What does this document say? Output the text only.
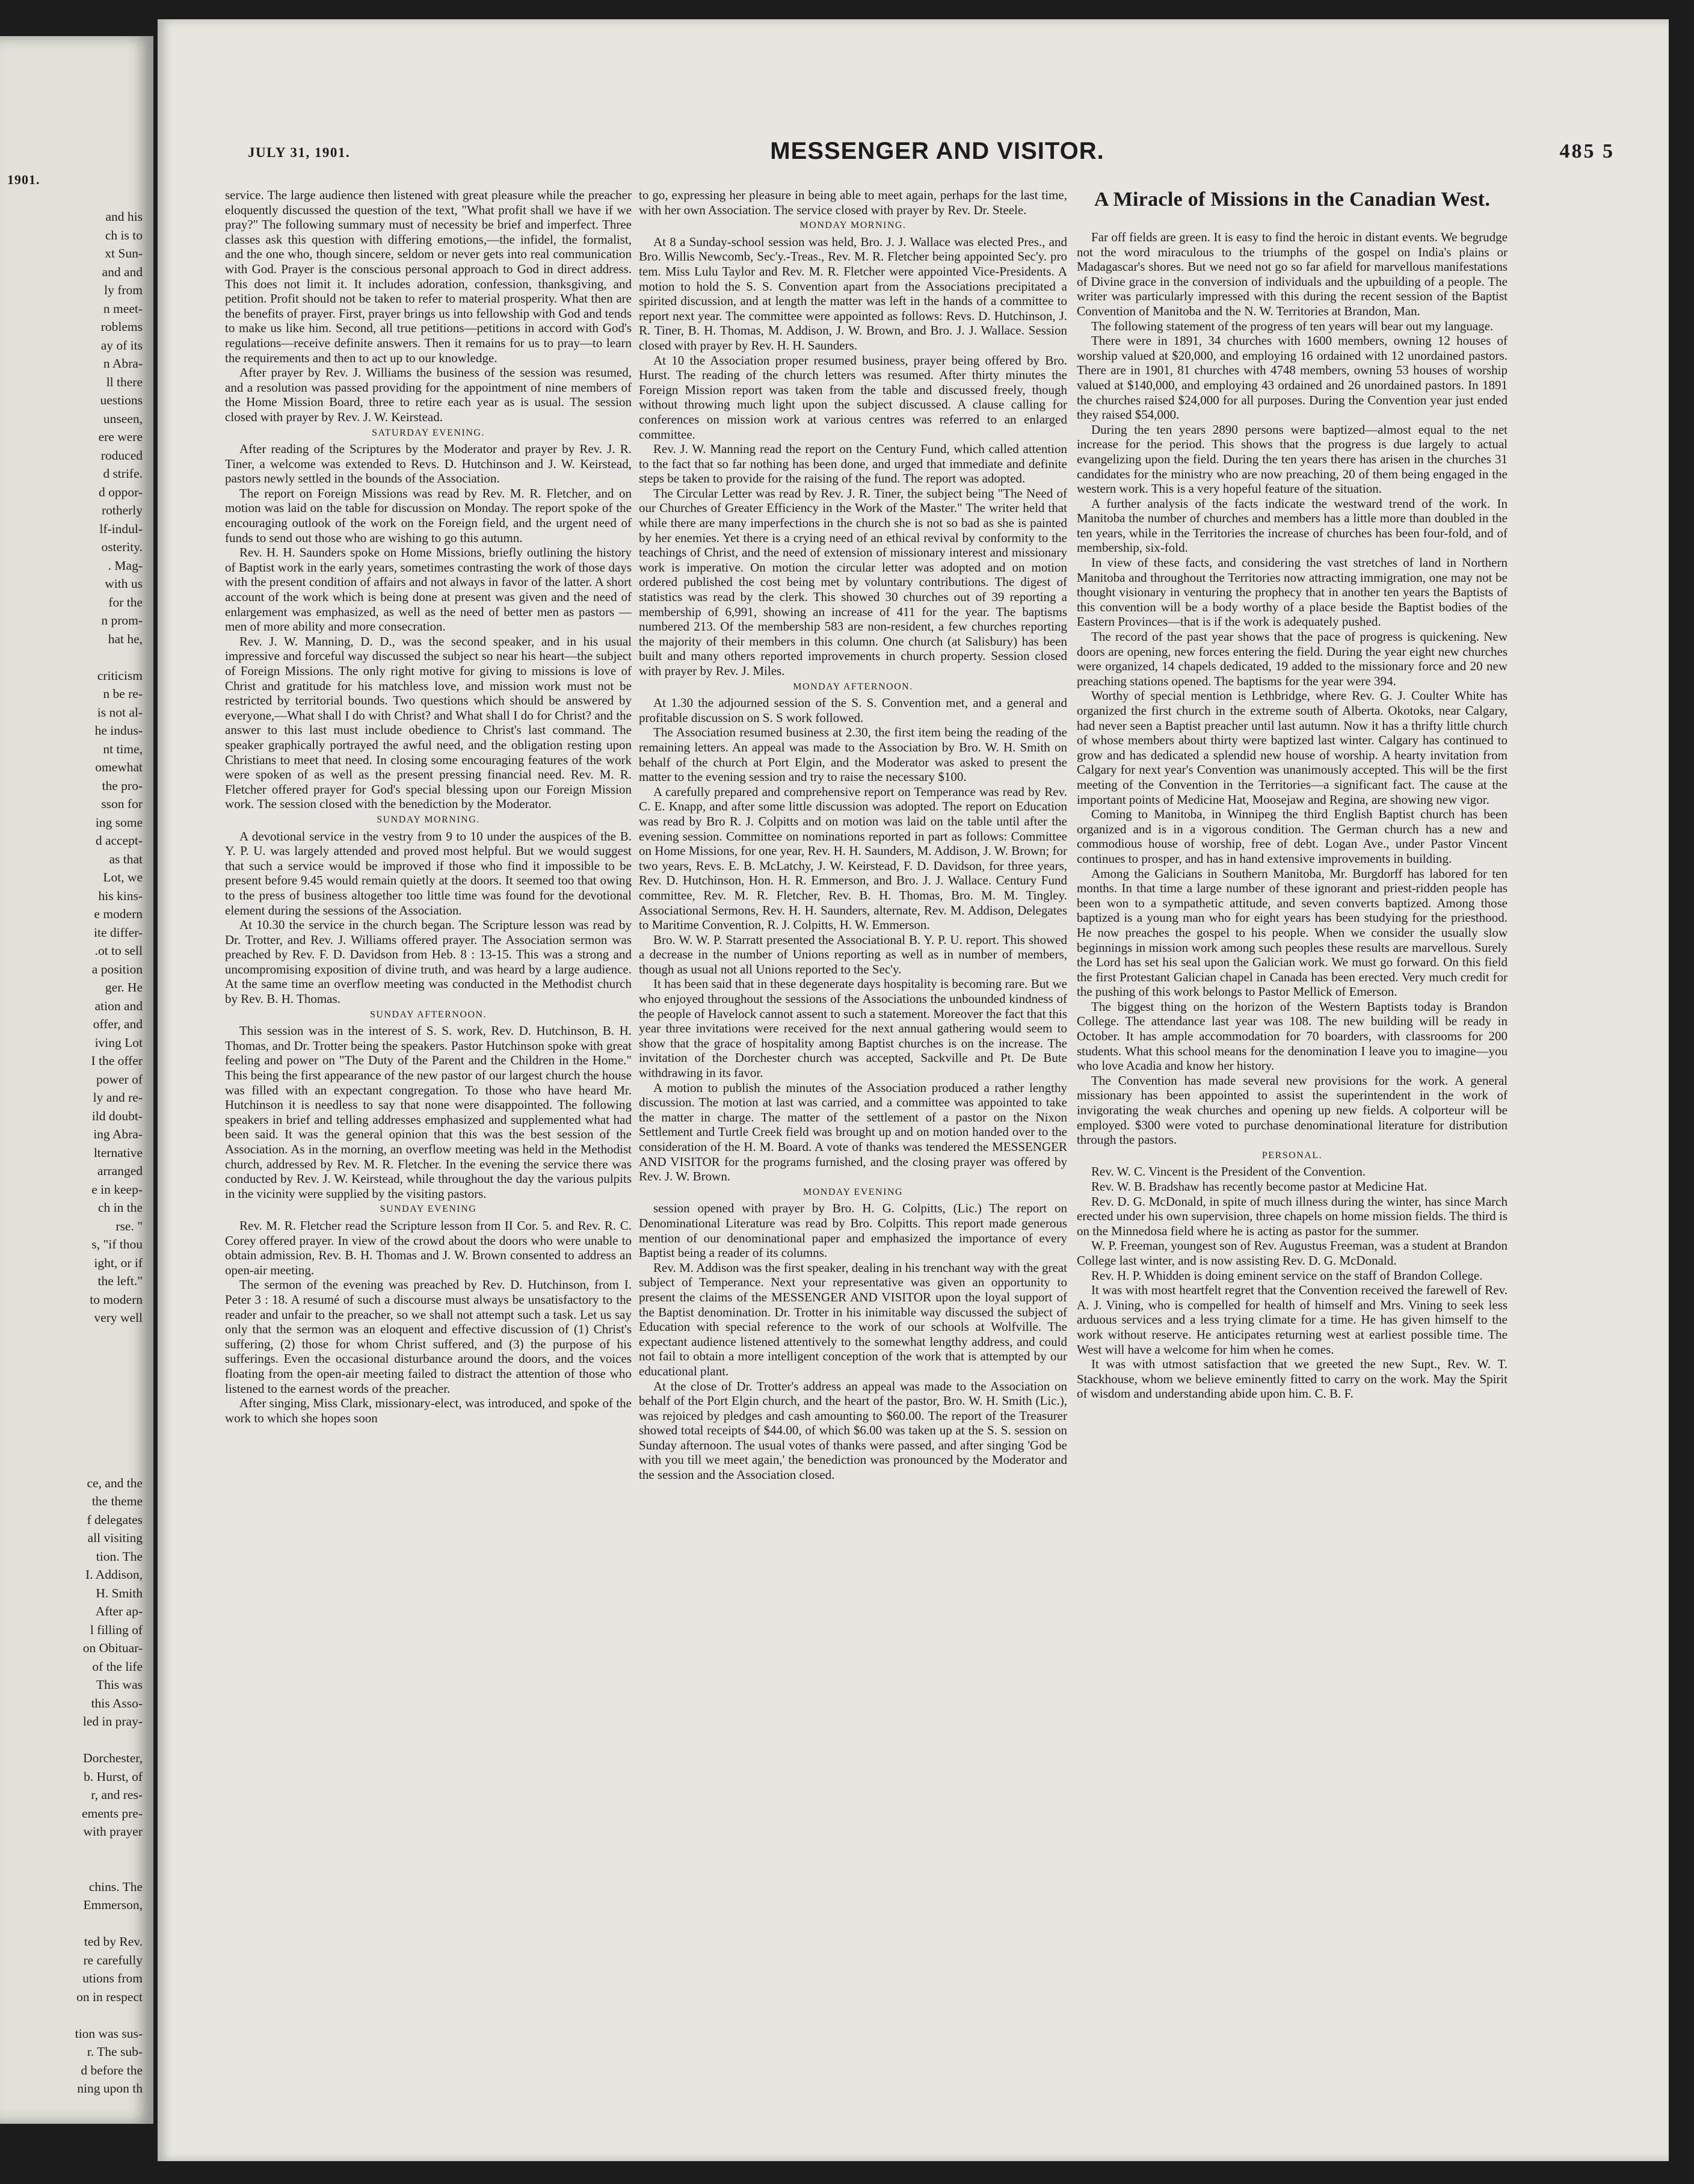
1901.
and his
ch is to
xt Sun-
and and
ly from
n meet-
roblems
ay of its
n Abra-
ll there
uestions
unseen,
ere were
roduced
d strife.
d oppor-
rotherly
lf-indul-
osterity.
. Mag-
with us
for the
n prom-
hat he,
criticism
n be re-
is not al-
he indus-
nt time,
omewhat
the pro-
sson for
ing some
d accept-
as that
Lot, we
his kins-
e modern
ite differ-
.ot to sell
a position
ger. He
ation and
offer, and
iving Lot
I the offer
power of
ly and re-
ild doubt-
ing Abra-
lternative
arranged
e in keep-
ch in the
rse. "
s, "if thou
ight, or if
the left."
to modern
very well
ce, and the
the theme
f delegates
all visiting
tion. The
I. Addison,
H. Smith
After ap-
l filling of
on Obituar-
of the life
This was
this Asso-
led in pray-
Dorchester,
b. Hurst, of
r, and res-
ements pre-
with prayer
chins. The
Emmerson,
ted by Rev.
re carefully
utions from
on in respect
tion was sus-
r. The sub-
d before the
ning upon th
JULY 31, 1901.	MESSENGER AND VISITOR.	485 5

service. The large audience then listened with great pleasure while the preacher eloquently discussed the question of the text, "What profit shall we have if we pray?" The following summary must of necessity be brief and imperfect. Three classes ask this question with differing emotions,—the infidel, the formalist, and the one who, though sincere, seldom or never gets into real communication with God. Prayer is the conscious personal approach to God in direct address. This does not limit it. It includes adoration, confession, thanksgiving, and petition. Profit should not be taken to refer to material prosperity. What then are the benefits of prayer. First, prayer brings us into fellowship with God and tends to make us like him. Second, all true petitions—petitions in accord with God's regulations—receive definite answers. Then it remains for us to pray—to learn the requirements and then to act up to our knowledge.

After prayer by Rev. J. Williams the business of the session was resumed, and a resolution was passed providing for the appointment of nine members of the Home Mission Board, three to retire each year as is usual. The session closed with prayer by Rev. J. W. Keirstead.

SATURDAY EVENING.

After reading of the Scriptures by the Moderator and prayer by Rev. J. R. Tiner, a welcome was extended to Revs. D. Hutchinson and J. W. Keirstead, pastors newly settled in the bounds of the Association.

The report on Foreign Missions was read by Rev. M. R. Fletcher, and on motion was laid on the table for discussion on Monday. The report spoke of the encouraging outlook of the work on the Foreign field, and the urgent need of funds to send out those who are wishing to go this autumn.

Rev. H. H. Saunders spoke on Home Missions, briefly outlining the history of Baptist work in the early years, sometimes contrasting the work of those days with the present condition of affairs and not always in favor of the latter. A short account of the work which is being done at present was given and the need of enlargement was emphasized, as well as the need of better men as pastors —men of more ability and more consecration.

Rev. J. W. Manning, D. D., was the second speaker, and in his usual impressive and forceful way discussed the subject so near his heart—the subject of Foreign Missions. The only right motive for giving to missions is love of Christ and gratitude for his matchless love, and mission work must not be restricted by territorial bounds. Two questions which should be answered by everyone,—What shall I do with Christ? and What shall I do for Christ? and the answer to this last must include obedience to Christ's last command. The speaker graphically portrayed the awful need, and the obligation resting upon Christians to meet that need. In closing some encouraging features of the work were spoken of as well as the present pressing financial need. Rev. M. R. Fletcher offered prayer for God's special blessing upon our Foreign Mission work. The session closed with the benediction by the Moderator.

SUNDAY MORNING.

A devotional service in the vestry from 9 to 10 under the auspices of the B. Y. P. U. was largely attended and proved most helpful. But we would suggest that such a service would be improved if those who find it impossible to be present before 9.45 would remain quietly at the doors. It seemed too that owing to the press of business altogether too little time was found for the devotional element during the sessions of the Association.

At 10.30 the service in the church began. The Scripture lesson was read by Dr. Trotter, and Rev. J. Williams offered prayer. The Association sermon was preached by Rev. F. D. Davidson from Heb. 8 : 13-15. This was a strong and uncompromising exposition of divine truth, and was heard by a large audience. At the same time an overflow meeting was conducted in the Methodist church by Rev. B. H. Thomas.

SUNDAY AFTERNOON.

This session was in the interest of S. S. work, Rev. D. Hutchinson, B. H. Thomas, and Dr. Trotter being the speakers. Pastor Hutchinson spoke with great feeling and power on "The Duty of the Parent and the Children in the Home." This being the first appearance of the new pastor of our largest church the house was filled with an expectant congregation. To those who have heard Mr. Hutchinson it is needless to say that none were disappointed. The following speakers in brief and telling addresses emphasized and supplemented what had been said. It was the general opinion that this was the best session of the Association. As in the morning, an overflow meeting was held in the Methodist church, addressed by Rev. M. R. Fletcher. In the evening the service there was conducted by Rev. J. W. Keirstead, while throughout the day the various pulpits in the vicinity were supplied by the visiting pastors.

SUNDAY EVENING

Rev. M. R. Fletcher read the Scripture lesson from II Cor. 5. and Rev. R. C. Corey offered prayer. In view of the crowd about the doors who were unable to obtain admission, Rev. B. H. Thomas and J. W. Brown consented to address an open-air meeting.

The sermon of the evening was preached by Rev. D. Hutchinson, from I. Peter 3 : 18. A resumé of such a discourse must always be unsatisfactory to the reader and unfair to the preacher, so we shall not attempt such a task. Let us say only that the sermon was an eloquent and effective discussion of (1) Christ's suffering, (2) those for whom Christ suffered, and (3) the purpose of his sufferings. Even the occasional disturbance around the doors, and the voices floating from the open-air meeting failed to distract the attention of those who listened to the earnest words of the preacher.

After singing, Miss Clark, missionary-elect, was introduced, and spoke of the work to which she hopes soon

to go, expressing her pleasure in being able to meet again, perhaps for the last time, with her own Association. The service closed with prayer by Rev. Dr. Steele.

MONDAY MORNING.

At 8 a Sunday-school session was held, Bro. J. J. Wallace was elected Pres., and Bro. Willis Newcomb, Sec'y.-Treas., Rev. M. R. Fletcher being appointed Sec'y. pro tem. Miss Lulu Taylor and Rev. M. R. Fletcher were appointed Vice-Presidents. A motion to hold the S. S. Convention apart from the Associations precipitated a spirited discussion, and at length the matter was left in the hands of a committee to report next year. The committee were appointed as follows: Revs. D. Hutchinson, J. R. Tiner, B. H. Thomas, M. Addison, J. W. Brown, and Bro. J. J. Wallace. Session closed with prayer by Rev. H. H. Saunders.

At 10 the Association proper resumed business, prayer being offered by Bro. Hurst. The reading of the church letters was resumed. After thirty minutes the Foreign Mission report was taken from the table and discussed freely, though without throwing much light upon the subject discussed. A clause calling for conferences on mission work at various centres was referred to an enlarged committee.

Rev. J. W. Manning read the report on the Century Fund, which called attention to the fact that so far nothing has been done, and urged that immediate and definite steps be taken to provide for the raising of the fund. The report was adopted.

The Circular Letter was read by Rev. J. R. Tiner, the subject being "The Need of our Churches of Greater Efficiency in the Work of the Master." The writer held that while there are many imperfections in the church she is not so bad as she is painted by her enemies. Yet there is a crying need of an ethical revival by conformity to the teachings of Christ, and the need of extension of missionary interest and missionary work is imperative. On motion the circular letter was adopted and on motion ordered published the cost being met by voluntary contributions. The digest of statistics was read by the clerk. This showed 30 churches out of 39 reporting a membership of 6,991, showing an increase of 411 for the year. The baptisms numbered 213. Of the membership 583 are non-resident, a few churches reporting the majority of their members in this column. One church (at Salisbury) has been built and many others reported improvements in church property. Session closed with prayer by Rev. J. Miles.

MONDAY AFTERNOON.

At 1.30 the adjourned session of the S. S. Convention met, and a general and profitable discussion on S. S work followed.

The Association resumed business at 2.30, the first item being the reading of the remaining letters. An appeal was made to the Association by Bro. W. H. Smith on behalf of the church at Port Elgin, and the Moderator was asked to present the matter to the evening session and try to raise the necessary $100.

A carefully prepared and comprehensive report on Temperance was read by Rev. C. E. Knapp, and after some little discussion was adopted. The report on Education was read by Bro R. J. Colpitts and on motion was laid on the table until after the evening session. Committee on nominations reported in part as follows: Committee on Home Missions, for one year, Rev. H. H. Saunders, M. Addison, J. W. Brown; for two years, Revs. E. B. McLatchy, J. W. Keirstead, F. D. Davidson, for three years, Rev. D. Hutchinson, Hon. H. R. Emmerson, and Bro. J. J. Wallace. Century Fund committee, Rev. M. R. Fletcher, Rev. B. H. Thomas, Bro. M. M. Tingley. Associational Sermons, Rev. H. H. Saunders, alternate, Rev. M. Addison, Delegates to Maritime Convention, R. J. Colpitts, H. W. Emmerson.

Bro. W. W. P. Starratt presented the Associational B. Y. P. U. report. This showed a decrease in the number of Unions reporting as well as in number of members, though as usual not all Unions reported to the Sec'y.

It has been said that in these degenerate days hospitality is becoming rare. But we who enjoyed throughout the sessions of the Associations the unbounded kindness of the people of Havelock cannot assent to such a statement. Moreover the fact that this year three invitations were received for the next annual gathering would seem to show that the grace of hospitality among Baptist churches is on the increase. The invitation of the Dorchester church was accepted, Sackville and Pt. De Bute withdrawing in its favor.

A motion to publish the minutes of the Association produced a rather lengthy discussion. The motion at last was carried, and a committee was appointed to take the matter in charge. The matter of the settlement of a pastor on the Nixon Settlement and Turtle Creek field was brought up and on motion handed over to the consideration of the H. M. Board. A vote of thanks was tendered the MESSENGER AND VISITOR for the programs furnished, and the closing prayer was offered by Rev. J. W. Brown.

MONDAY EVENING

session opened with prayer by Bro. H. G. Colpitts, (Lic.) The report on Denominational Literature was read by Bro. Colpitts. This report made generous mention of our denominational paper and emphasized the importance of every Baptist being a reader of its columns.

Rev. M. Addison was the first speaker, dealing in his trenchant way with the great subject of Temperance. Next your representative was given an opportunity to present the claims of the MESSENGER AND VISITOR upon the loyal support of the Baptist denomination. Dr. Trotter in his inimitable way discussed the subject of Education with special reference to the work of our schools at Wolfville. The expectant audience listened attentively to the somewhat lengthy address, and could not fail to obtain a more intelligent conception of the work that is attempted by our educational plant.

At the close of Dr. Trotter's address an appeal was made to the Association on behalf of the Port Elgin church, and the heart of the pastor, Bro. W. H. Smith (Lic.), was rejoiced by pledges and cash amounting to $60.00. The report of the Treasurer showed total receipts of $44.00, of which $6.00 was taken up at the S. S. session on Sunday afternoon. The usual votes of thanks were passed, and after singing 'God be with you till we meet again,' the benediction was pronounced by the Moderator and the session and the Association closed.

A Miracle of Missions in the Canadian West.

Far off fields are green. It is easy to find the heroic in distant events. We begrudge not the word miraculous to the triumphs of the gospel on India's plains or Madagascar's shores. But we need not go so far afield for marvellous manifestations of Divine grace in the conversion of individuals and the upbuilding of a people. The writer was particularly impressed with this during the recent session of the Baptist Convention of Manitoba and the N. W. Territories at Brandon, Man.

The following statement of the progress of ten years will bear out my language.

There were in 1891, 34 churches with 1600 members, owning 12 houses of worship valued at $20,000, and employing 16 ordained with 12 unordained pastors. There are in 1901, 81 churches with 4748 members, owning 53 houses of worship valued at $140,000, and employing 43 ordained and 26 unordained pastors. In 1891 the churches raised $24,000 for all purposes. During the Convention year just ended they raised $54,000.

During the ten years 2890 persons were baptized—almost equal to the net increase for the period. This shows that the progress is due largely to actual evangelizing upon the field. During the ten years there has arisen in the churches 31 candidates for the ministry who are now preaching, 20 of them being engaged in the western work. This is a very hopeful feature of the situation.

A further analysis of the facts indicate the westward trend of the work. In Manitoba the number of churches and members has a little more than doubled in the ten years, while in the Territories the increase of churches has been four-fold, and of membership, six-fold.

In view of these facts, and considering the vast stretches of land in Northern Manitoba and throughout the Territories now attracting immigration, one may not be thought visionary in venturing the prophecy that in another ten years the Baptists of this convention will be a body worthy of a place beside the Baptist bodies of the Eastern Provinces—that is if the work is adequately pushed.

The record of the past year shows that the pace of progress is quickening. New doors are opening, new forces entering the field. During the year eight new churches were organized, 14 chapels dedicated, 19 added to the missionary force and 20 new preaching stations opened. The baptisms for the year were 394.

Worthy of special mention is Lethbridge, where Rev. G. J. Coulter White has organized the first church in the extreme south of Alberta. Okotoks, near Calgary, had never seen a Baptist preacher until last autumn. Now it has a thrifty little church of whose members about thirty were baptized last winter. Calgary has continued to grow and has dedicated a splendid new house of worship. A hearty invitation from Calgary for next year's Convention was unanimously accepted. This will be the first meeting of the Convention in the Territories—a significant fact. The cause at the important points of Medicine Hat, Moosejaw and Regina, are showing new vigor.

Coming to Manitoba, in Winnipeg the third English Baptist church has been organized and is in a vigorous condition. The German church has a new and commodious house of worship, free of debt. Logan Ave., under Pastor Vincent continues to prosper, and has in hand extensive improvements in building.

Among the Galicians in Southern Manitoba, Mr. Burgdorff has labored for ten months. In that time a large number of these ignorant and priest-ridden people has been won to a sympathetic attitude, and seven converts baptized. Among those baptized is a young man who for eight years has been studying for the priesthood. He now preaches the gospel to his people. When we consider the usually slow beginnings in mission work among such peoples these results are marvellous. Surely the Lord has set his seal upon the Galician work. We must go forward. On this field the first Protestant Galician chapel in Canada has been erected. Very much credit for the pushing of this work belongs to Pastor Mellick of Emerson.

The biggest thing on the horizon of the Western Baptists today is Brandon College. The attendance last year was 108. The new building will be ready in October. It has ample accommodation for 70 boarders, with classrooms for 200 students. What this school means for the denomination I leave you to imagine—you who love Acadia and know her history.

The Convention has made several new provisions for the work. A general missionary has been appointed to assist the superintendent in the work of invigorating the weak churches and opening up new fields. A colporteur will be employed. $300 were voted to purchase denominational literature for distribution through the pastors.

PERSONAL.

Rev. W. C. Vincent is the President of the Convention.

Rev. W. B. Bradshaw has recently become pastor at Medicine Hat.

Rev. D. G. McDonald, in spite of much illness during the winter, has since March erected under his own supervision, three chapels on home mission fields. The third is on the Minnedosa field where he is acting as pastor for the summer.

W. P. Freeman, youngest son of Rev. Augustus Freeman, was a student at Brandon College last winter, and is now assisting Rev. D. G. McDonald.

Rev. H. P. Whidden is doing eminent service on the staff of Brandon College.

It was with most heartfelt regret that the Convention received the farewell of Rev. A. J. Vining, who is compelled for health of himself and Mrs. Vining to seek less arduous services and a less trying climate for a time. He has given himself to the work without reserve. He anticipates returning west at earliest possible time. The West will have a welcome for him when he comes.

It was with utmost satisfaction that we greeted the new Supt., Rev. W. T. Stackhouse, whom we believe eminently fitted to carry on the work. May the Spirit of wisdom and understanding abide upon him. C. B. F.
